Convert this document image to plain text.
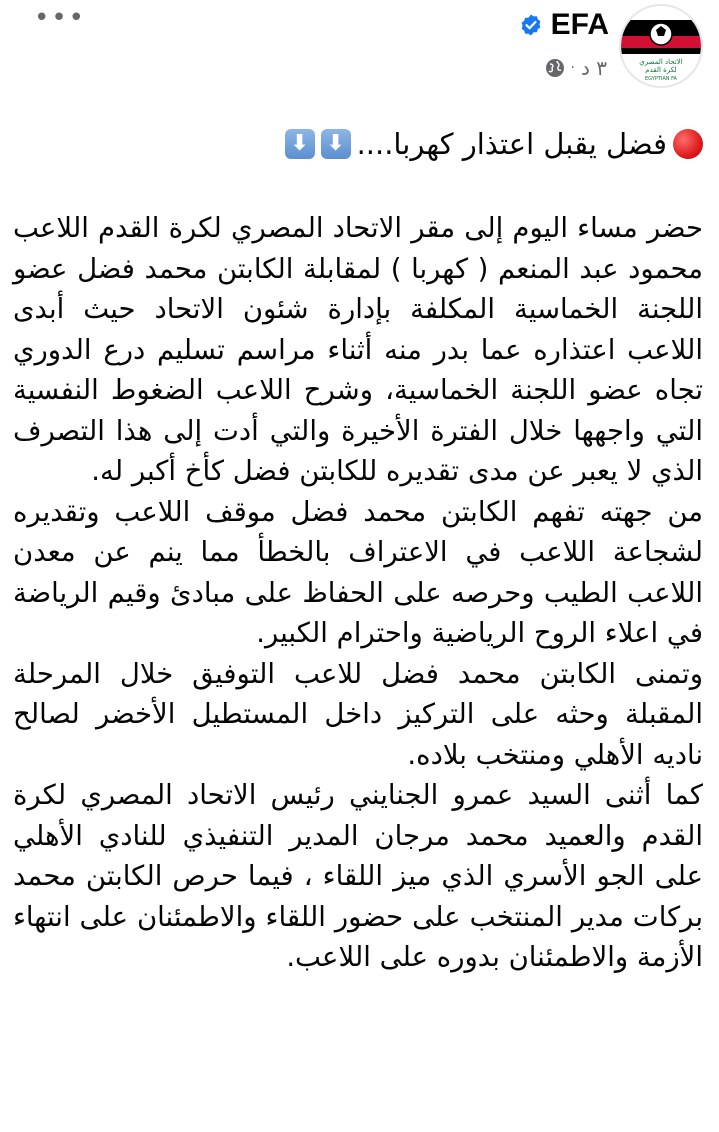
•••
الاتحاد المصري
لكرة القدم
EGYPTIAN FA
EFA
٣ د
·
فضل يقبل اعتذار كهربا....
⬇
⬇

حضر مساء اليوم إلى مقر الاتحاد المصري لكرة القدم اللاعب محمود عبد المنعم ( كهربا ) لمقابلة الكابتن محمد فضل عضو اللجنة الخماسية المكلفة بإدارة شئون الاتحاد حيث أبدى اللاعب اعتذاره عما بدر منه أثناء مراسم تسليم درع الدوري تجاه عضو اللجنة الخماسية، وشرح اللاعب الضغوط النفسية التي واجهها خلال الفترة الأخيرة والتي أدت إلى هذا التصرف الذي لا يعبر عن مدى تقديره للكابتن فضل كأخ أكبر له.

من جهته تفهم الكابتن محمد فضل موقف اللاعب وتقديره لشجاعة اللاعب في الاعتراف بالخطأ مما ينم عن معدن اللاعب الطيب وحرصه على الحفاظ على مبادئ وقيم الرياضة في اعلاء الروح الرياضية واحترام الكبير.

وتمنى الكابتن محمد فضل للاعب التوفيق خلال المرحلة المقبلة وحثه على التركيز داخل المستطيل الأخضر لصالح ناديه الأهلي ومنتخب بلاده.

كما أثنى السيد عمرو الجنايني رئيس الاتحاد المصري لكرة القدم والعميد محمد مرجان المدير التنفيذي للنادي الأهلي على الجو الأسري الذي ميز اللقاء ، فيما حرص الكابتن محمد بركات مدير المنتخب على حضور اللقاء والاطمئنان على انتهاء الأزمة والاطمئنان بدوره على اللاعب.
